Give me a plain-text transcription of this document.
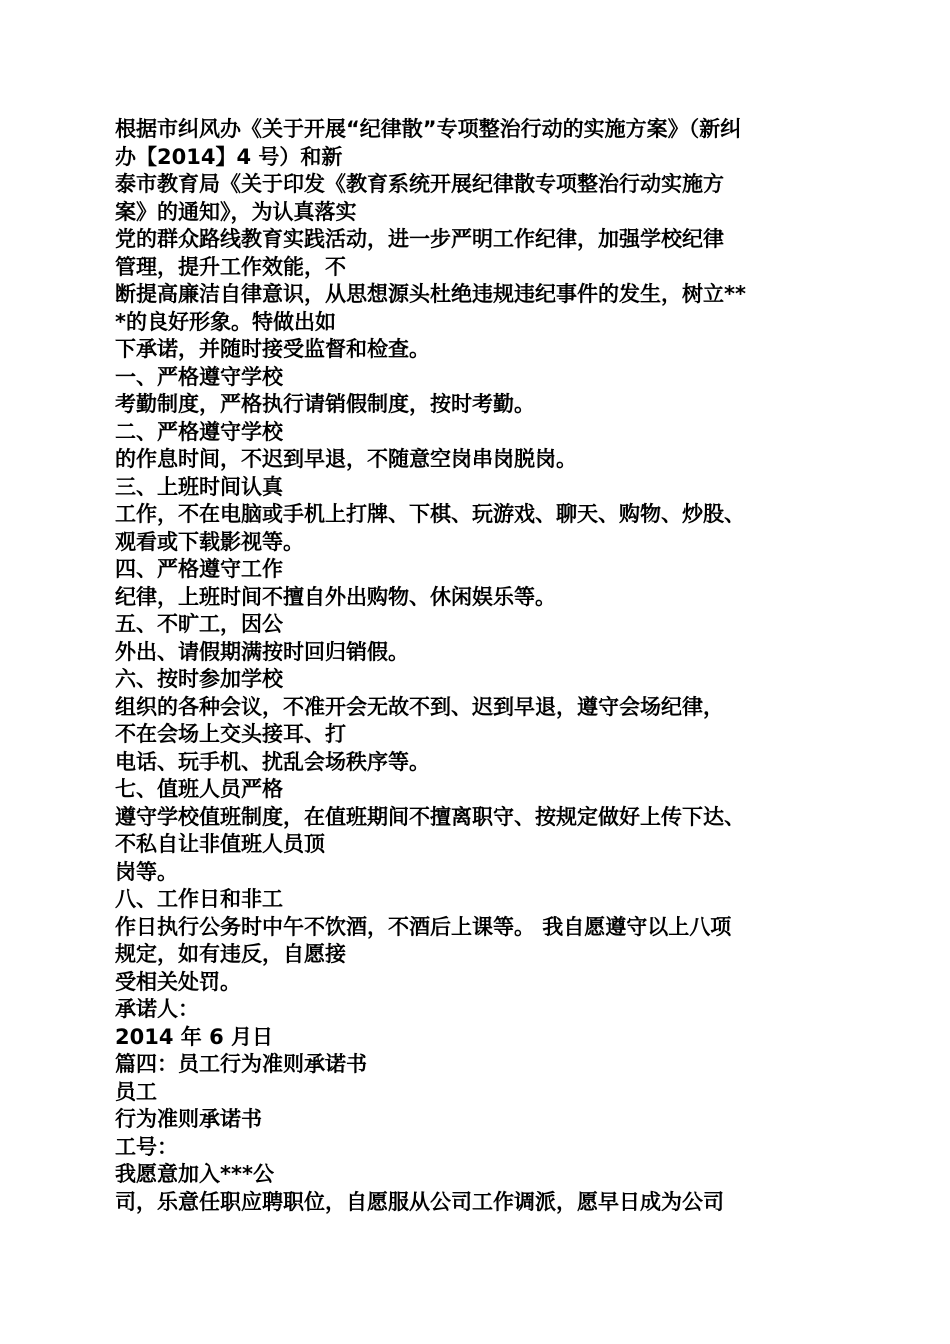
根据市纠风办《关于开展“纪律散”专项整治行动的实施方案》（新纠
办【2014】4 号）和新
泰市教育局《关于印发《教育系统开展纪律散专项整治行动实施方
案》的通知》，为认真落实
党的群众路线教育实践活动，进一步严明工作纪律，加强学校纪律
管理，提升工作效能，不
断提高廉洁自律意识，从思想源头杜绝违规违纪事件的发生，树立**
*的良好形象。特做出如
下承诺，并随时接受监督和检查。
一、严格遵守学校
考勤制度，严格执行请销假制度，按时考勤。
二、严格遵守学校
的作息时间，不迟到早退，不随意空岗串岗脱岗。
三、上班时间认真
工作，不在电脑或手机上打牌、下棋、玩游戏、聊天、购物、炒股、
观看或下载影视等。
四、严格遵守工作
纪律，上班时间不擅自外出购物、休闲娱乐等。
五、不旷工，因公
外出、请假期满按时回归销假。
六、按时参加学校
组织的各种会议，不准开会无故不到、迟到早退，遵守会场纪律，
不在会场上交头接耳、打
电话、玩手机、扰乱会场秩序等。
七、值班人员严格
遵守学校值班制度，在值班期间不擅离职守、按规定做好上传下达、
不私自让非值班人员顶
岗等。
八、工作日和非工
作日执行公务时中午不饮酒，不酒后上课等。 我自愿遵守以上八项
规定，如有违反，自愿接
受相关处罚。
承诺人：
2014 年 6 月日
篇四：员工行为准则承诺书
员工
行为准则承诺书
工号：
我愿意加入***公
司，乐意任职应聘职位，自愿服从公司工作调派，愿早日成为公司
